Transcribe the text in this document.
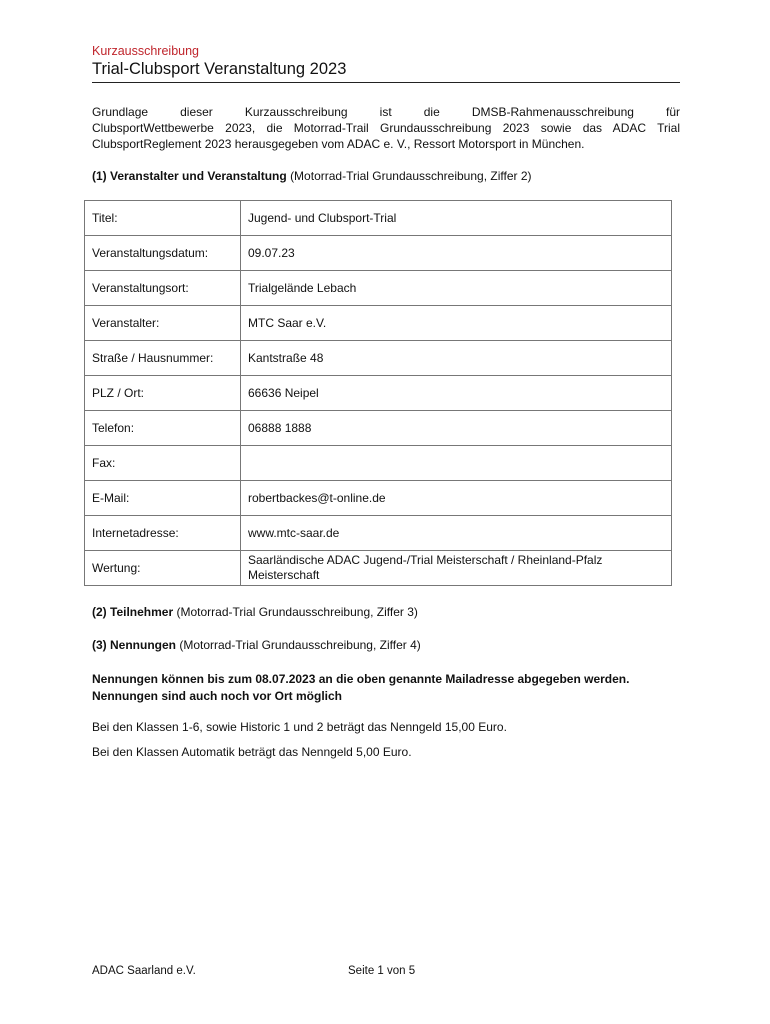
Kurzausschreibung
Trial-Clubsport Veranstaltung 2023
Grundlage dieser Kurzausschreibung ist die DMSB-Rahmenausschreibung für
ClubsportWettbewerbe 2023, die Motorrad-Trail Grundausschreibung 2023 sowie das ADAC Trial
ClubsportReglement 2023 herausgegeben vom ADAC e. V., Ressort Motorsport in München.
(1) Veranstalter und Veranstaltung (Motorrad-Trial Grundausschreibung, Ziffer 2)
Titel:	Jugend- und Clubsport-Trial
Veranstaltungsdatum:	09.07.23
Veranstaltungsort:	Trialgelände Lebach
Veranstalter:	MTC Saar e.V.
Straße / Hausnummer:	Kantstraße 48
PLZ / Ort:	66636 Neipel
Telefon:	06888 1888
Fax:	
E-Mail:	robertbackes@t-online.de
Internetadresse:	www.mtc-saar.de
Wertung:	Saarländische ADAC Jugend-/Trial Meisterschaft / Rheinland-Pfalz Meisterschaft
(2) Teilnehmer (Motorrad-Trial Grundausschreibung, Ziffer 3)
(3) Nennungen (Motorrad-Trial Grundausschreibung, Ziffer 4)
Nennungen können bis zum 08.07.2023 an die oben genannte Mailadresse abgegeben werden.
Nennungen sind auch noch vor Ort möglich
Bei den Klassen 1-6, sowie Historic 1 und 2 beträgt das Nenngeld 15,00 Euro.
Bei den Klassen Automatik beträgt das Nenngeld 5,00 Euro.
ADAC Saarland e.V.	Seite 1 von 5
